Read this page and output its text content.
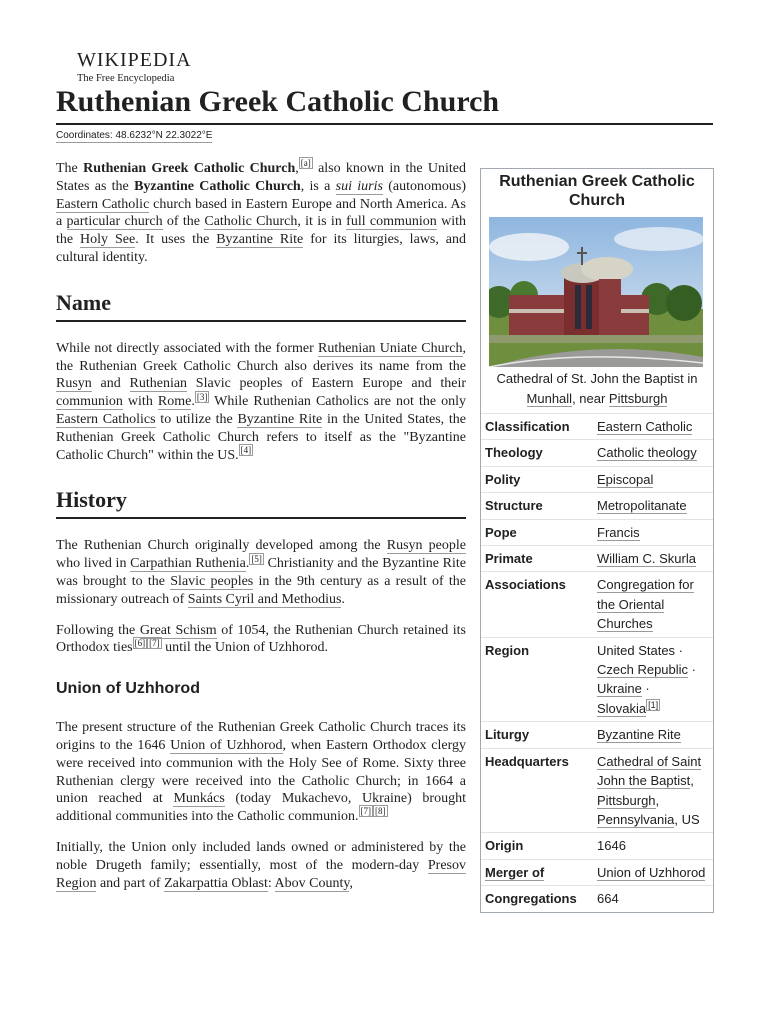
WIKIPEDIA
The Free Encyclopedia
Ruthenian Greek Catholic Church
Coordinates: 48.6232°N 22.3022°E

The Ruthenian Greek Catholic Church, [a] also known in the United States as the Byzantine Catholic Church, is a sui iuris (autonomous) Eastern Catholic church based in Eastern Europe and North America. As a particular church of the Catholic Church, it is in full communion with the Holy See. It uses the Byzantine Rite for its liturgies, laws, and cultural identity.

Name

While not directly associated with the former Ruthenian Uniate Church, the Ruthenian Greek Catholic Church also derives its name from the Rusyn and Ruthenian Slavic peoples of Eastern Europe and their communion with Rome. [3] While Ruthenian Catholics are not the only Eastern Catholics to utilize the Byzantine Rite in the United States, the Ruthenian Greek Catholic Church refers to itself as the "Byzantine Catholic Church" within the US. [4]

History

The Ruthenian Church originally developed among the Rusyn people who lived in Carpathian Ruthenia. [5] Christianity and the Byzantine Rite was brought to the Slavic peoples in the 9th century as a result of the missionary outreach of Saints Cyril and Methodius.

Following the Great Schism of 1054, the Ruthenian Church retained its Orthodox ties [6] [7] until the Union of Uzhhorod.

Union of Uzhhorod

The present structure of the Ruthenian Greek Catholic Church traces its origins to the 1646 Union of Uzhhorod, when Eastern Orthodox clergy were received into communion with the Holy See of Rome. Sixty three Ruthenian clergy were received into the Catholic Church; in 1664 a union reached at Munkács (today Mukachevo, Ukraine) brought additional communities into the Catholic communion. [7] [8]

Initially, the Union only included lands owned or administered by the noble Drugeth family; essentially, most of the modern-day Presov Region and part of Zakarpattia Oblast: Abov County,

Ruthenian Greek Catholic Church
Cathedral of St. John the Baptist in Munhall, near Pittsburgh
Classification	Eastern Catholic
Theology	Catholic theology
Polity	Episcopal
Structure	Metropolitanate
Pope	Francis
Primate	William C. Skurla
Associations	Congregation for the Oriental Churches
Region	United States · Czech Republic · Ukraine · Slovakia [1]
Liturgy	Byzantine Rite
Headquarters	Cathedral of Saint John the Baptist, Pittsburgh, Pennsylvania, US
Origin	1646
Merger of	Union of Uzhhorod
Congregations	664
